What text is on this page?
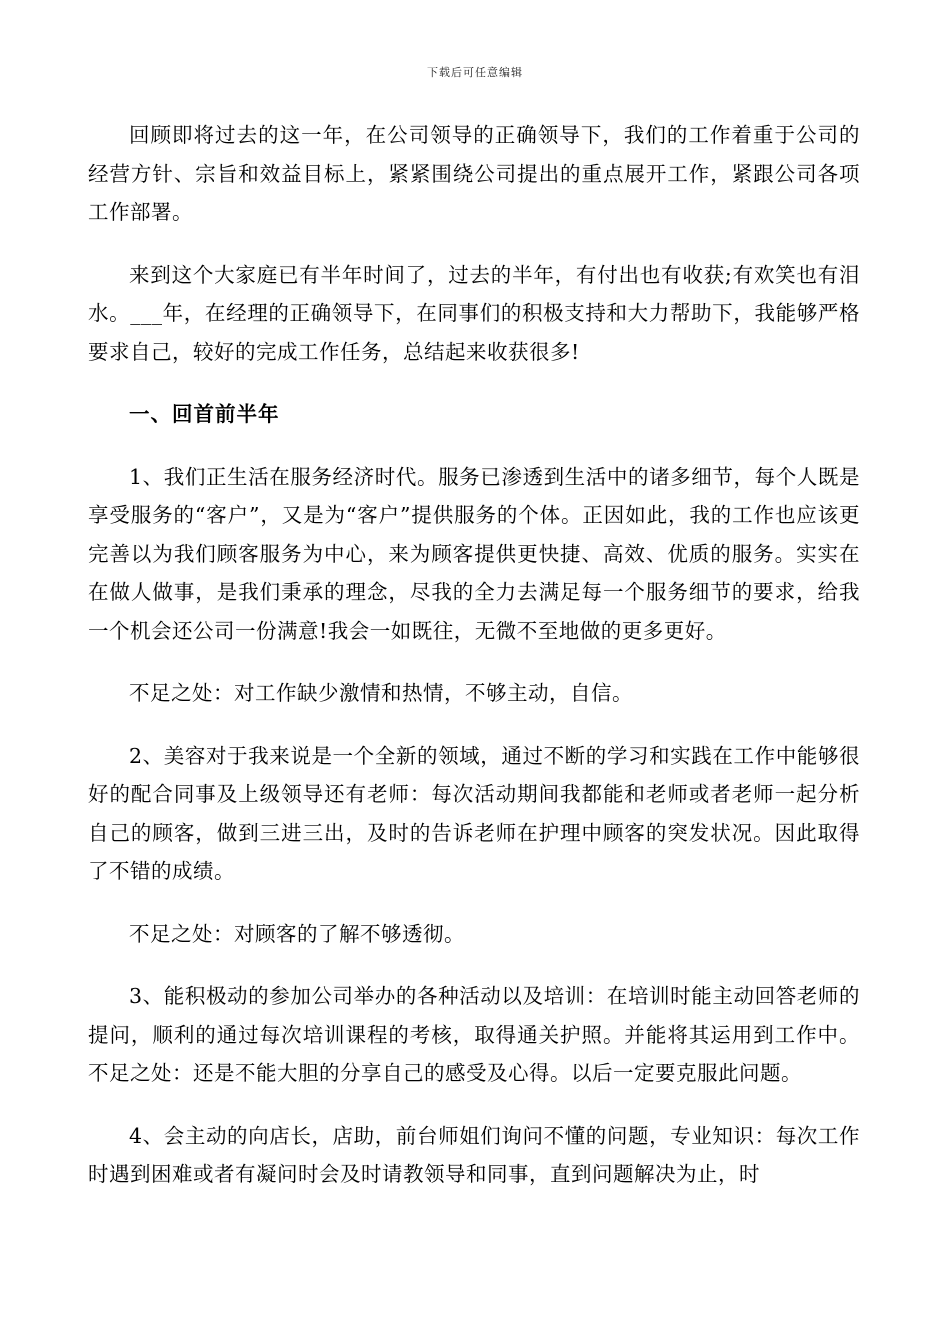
下载后可任意编辑

回顾即将过去的这一年，在公司领导的正确领导下，我们的工作着重于公司的经营方针、宗旨和效益目标上，紧紧围绕公司提出的重点展开工作，紧跟公司各项工作部署。

来到这个大家庭已有半年时间了，过去的半年，有付出也有收获;有欢笑也有泪水。___年，在经理的正确领导下，在同事们的积极支持和大力帮助下，我能够严格要求自己，较好的完成工作任务，总结起来收获很多!

一、回首前半年

1、我们正生活在服务经济时代。服务已渗透到生活中的诸多细节，每个人既是享受服务的“客户”，又是为“客户”提供服务的个体。正因如此，我的工作也应该更完善以为我们顾客服务为中心，来为顾客提供更快捷、高效、优质的服务。实实在在做人做事，是我们秉承的理念，尽我的全力去满足每一个服务细节的要求，给我一个机会还公司一份满意!我会一如既往，无微不至地做的更多更好。

不足之处：对工作缺少激情和热情，不够主动，自信。

2、美容对于我来说是一个全新的领域，通过不断的学习和实践在工作中能够很好的配合同事及上级领导还有老师：每次活动期间我都能和老师或者老师一起分析自己的顾客，做到三进三出，及时的告诉老师在护理中顾客的突发状况。因此取得了不错的成绩。

不足之处：对顾客的了解不够透彻。

3、能积极动的参加公司举办的各种活动以及培训：在培训时能主动回答老师的提问，顺利的通过每次培训课程的考核，取得通关护照。并能将其运用到工作中。不足之处：还是不能大胆的分享自己的感受及心得。以后一定要克服此问题。

4、会主动的向店长，店助，前台师姐们询问不懂的问题，专业知识：每次工作时遇到困难或者有凝问时会及时请教领导和同事，直到问题解决为止，时
